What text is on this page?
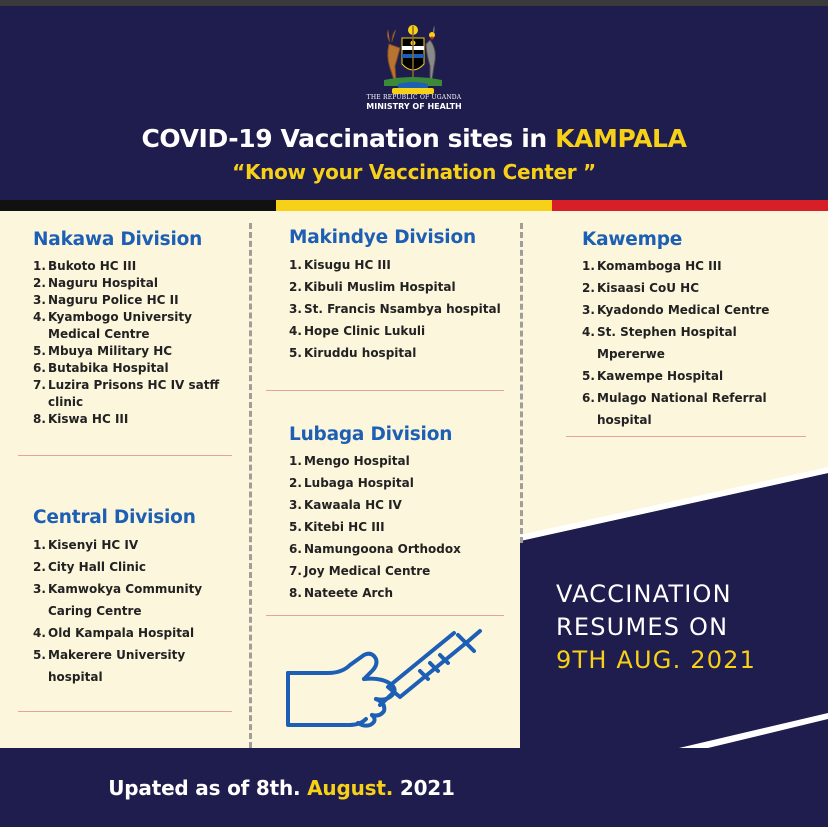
THE REPUBLIC OF UGANDA
MINISTRY OF HEALTH
COVID-19 Vaccination sites in KAMPALA
“Know your Vaccination Center ”
Nakawa Division
1. Bukoto HC III
2. Naguru Hospital
3. Naguru Police HC II
4. Kyambogo University Medical Centre
5. Mbuya Military HC
6. Butabika Hospital
7. Luzira Prisons HC IV satff clinic
8. Kiswa HC III
Central Division
1. Kisenyi HC IV
2. City Hall Clinic
3. Kamwokya Community Caring Centre
4. Old Kampala Hospital
5. Makerere University hospital
Makindye Division
1. Kisugu HC III
2. Kibuli Muslim Hospital
3. St. Francis Nsambya hospital
4. Hope Clinic Lukuli
5. Kiruddu hospital
Lubaga Division
1. Mengo Hospital
2. Lubaga Hospital
3. Kawaala HC IV
5. Kitebi HC III
6. Namungoona Orthodox
7. Joy Medical Centre
8. Nateete Arch
Kawempe
1. Komamboga HC III
2. Kisaasi CoU HC
3. Kyadondo Medical Centre
4. St. Stephen Hospital Mpererwe
5. Kawempe Hospital
6. Mulago National Referral hospital
VACCINATION
RESUMES ON
9TH AUG. 2021
Upated as of 8th. August. 2021
